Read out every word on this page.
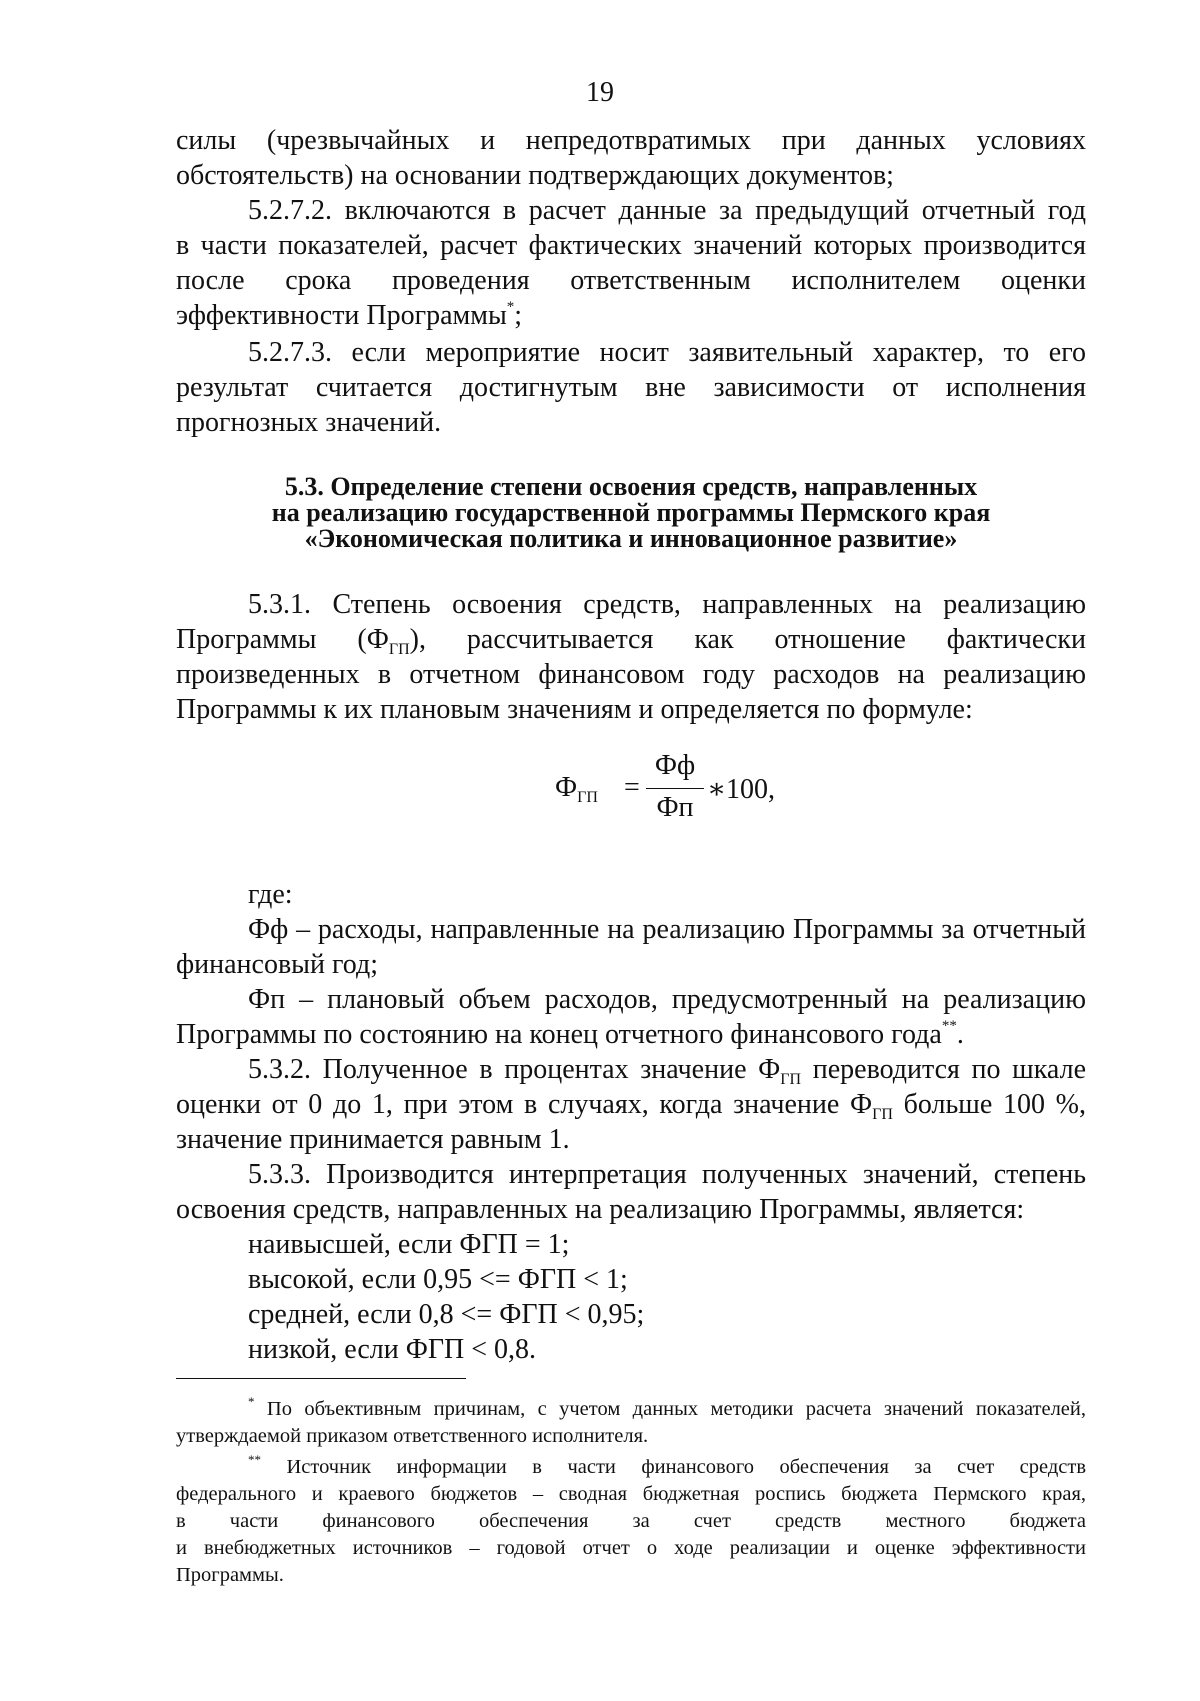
19
силы (чрезвычайных и непредотвратимых при данных условиях
обстоятельств) на основании подтверждающих документов;
5.2.7.2. включаются в расчет данные за предыдущий отчетный год
в части показателей, расчет фактических значений которых производится
после срока проведения ответственным исполнителем оценки
эффективности Программы*;
5.2.7.3. если мероприятие носит заявительный характер, то его
результат считается достигнутым вне зависимости от исполнения
прогнозных значений.
5.3. Определение степени освоения средств, направленных
на реализацию государственной программы Пермского края
«Экономическая политика и инновационное развитие»
5.3.1. Степень освоения средств, направленных на реализацию
Программы $(Ф_{ГП})$, рассчитывается как отношение фактически
произведенных в отчетном финансовом году расходов на реализацию
Программы к их плановым значениям и определяется по формуле:
$Ф_{ГП}$ =
Фф
Фп
∗100,
где:
Фф – расходы, направленные на реализацию Программы за отчетный
финансовый год;
Фп – плановый объем расходов, предусмотренный на реализацию
Программы по состоянию на конец отчетного финансового года**.
5.3.2. Полученное в процентах значение $Ф_{ГП}$ переводится по шкале
оценки от 0 до 1, при этом в случаях, когда значение $Ф_{ГП}$ больше 100 %,
значение принимается равным 1.
5.3.3. Производится интерпретация полученных значений, степень
освоения средств, направленных на реализацию Программы, является:
наивысшей, если ФГП = 1;
высокой, если 0,95 <= ФГП < 1;
средней, если 0,8 <= ФГП < 0,95;
низкой, если ФГП < 0,8.
* По объективным причинам, с учетом данных методики расчета значений показателей,
утверждаемой приказом ответственного исполнителя.
** Источник информации в части финансового обеспечения за счет средств
федерального и краевого бюджетов – сводная бюджетная роспись бюджета Пермского края,
в части финансового обеспечения за счет средств местного бюджета
и внебюджетных источников – годовой отчет о ходе реализации и оценке эффективности
Программы.
